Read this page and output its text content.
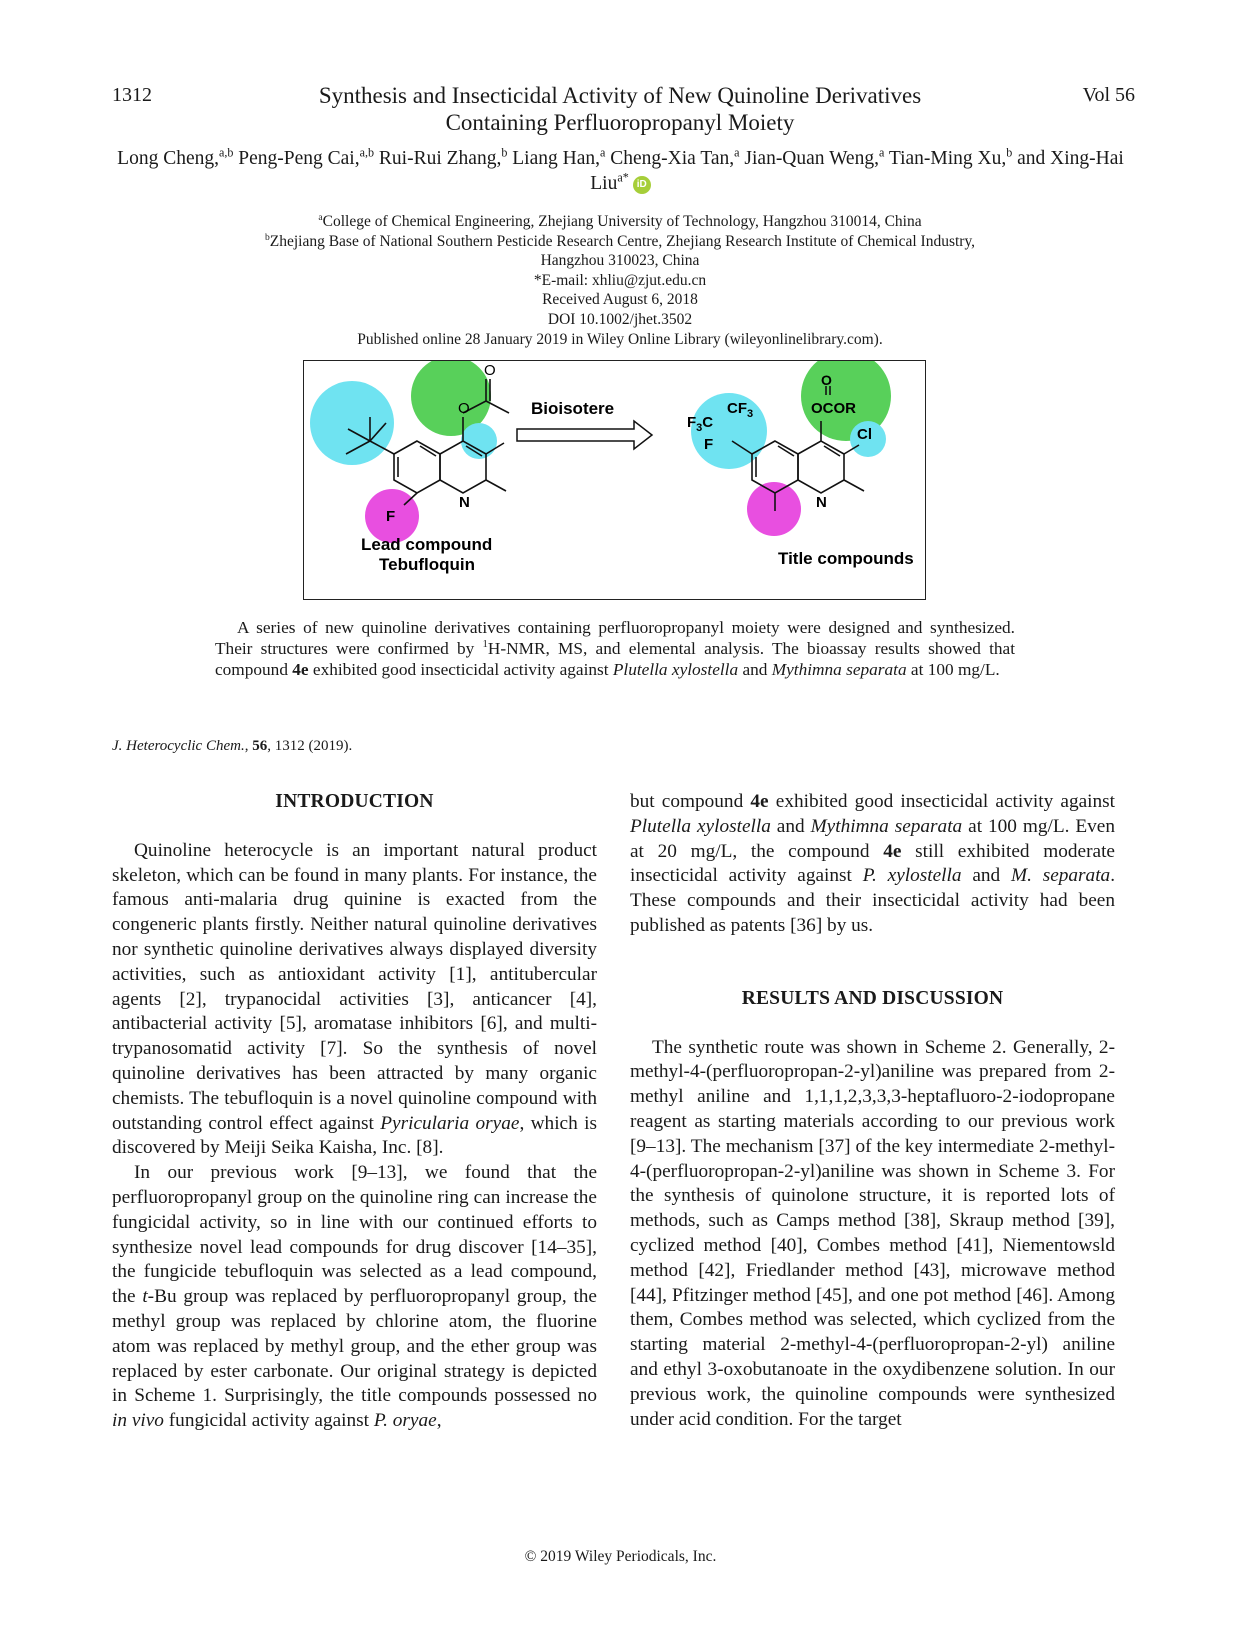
1312	Vol 56
Synthesis and Insecticidal Activity of New Quinoline Derivatives
Containing Perfluoropropanyl Moiety
Long Cheng,$^{a,b}$ Peng-Peng Cai,$^{a,b}$ Rui-Rui Zhang,$^b$ Liang Han,$^a$ Cheng-Xia Tan,$^a$ Jian-Quan Weng,$^a$ Tian-Ming Xu,$^b$ and Xing-Hai Liu$^{a*}$ iD
$^a$College of Chemical Engineering, Zhejiang University of Technology, Hangzhou 310014, China
$^b$Zhejiang Base of National Southern Pesticide Research Centre, Zhejiang Research Institute of Chemical Industry,
Hangzhou 310023, China
*E-mail: xhliu@zjut.edu.cn
Received August 6, 2018
DOI 10.1002/jhet.3502
Published online 28 January 2019 in Wiley Online Library (wileyonlinelibrary.com).
O
O
N
F
Bioisotere
O
OCOR
$CF_3$
$F_3C$
F
Cl
N
Lead compound
Tebufloquin	Title compounds

A series of new quinoline derivatives containing perfluoropropanyl moiety were designed and synthesized. Their structures were confirmed by $^1$H-NMR, MS, and elemental analysis. The bioassay results showed that compound 4e exhibited good insecticidal activity against Plutella xylostella and Mythimna separata at 100 mg/L.

J. Heterocyclic Chem., 56, 1312 (2019).
INTRODUCTION

Quinoline heterocycle is an important natural product skeleton, which can be found in many plants. For instance, the famous anti-malaria drug quinine is exacted from the congeneric plants firstly. Neither natural quinoline derivatives nor synthetic quinoline derivatives always displayed diversity activities, such as antioxidant activity [1], antitubercular agents [2], trypanocidal activities [3], anticancer [4], antibacterial activity [5], aromatase inhibitors [6], and multi-trypanosomatid activity [7]. So the synthesis of novel quinoline derivatives has been attracted by many organic chemists. The tebufloquin is a novel quinoline compound with outstanding control effect against Pyricularia oryae, which is discovered by Meiji Seika Kaisha, Inc. [8].

In our previous work [9–13], we found that the perfluoropropanyl group on the quinoline ring can increase the fungicidal activity, so in line with our continued efforts to synthesize novel lead compounds for drug discover [14–35], the fungicide tebufloquin was selected as a lead compound, the t-Bu group was replaced by perfluoropropanyl group, the methyl group was replaced by chlorine atom, the fluorine atom was replaced by methyl group, and the ether group was replaced by ester carbonate. Our original strategy is depicted in Scheme 1. Surprisingly, the title compounds possessed no in vivo fungicidal activity against P. oryae,

but compound 4e exhibited good insecticidal activity against Plutella xylostella and Mythimna separata at 100 mg/L. Even at 20 mg/L, the compound 4e still exhibited moderate insecticidal activity against P. xylostella and M. separata. These compounds and their insecticidal activity had been published as patents [36] by us.

RESULTS AND DISCUSSION

The synthetic route was shown in Scheme 2. Generally, 2-methyl-4-(perfluoropropan-2-yl)aniline was prepared from 2-methyl aniline and 1,1,1,2,3,3,3-heptafluoro-2-iodopropane reagent as starting materials according to our previous work [9–13]. The mechanism [37] of the key intermediate 2-methyl-4-(perfluoropropan-2-yl)aniline was shown in Scheme 3. For the synthesis of quinolone structure, it is reported lots of methods, such as Camps method [38], Skraup method [39], cyclized method [40], Combes method [41], Niementowsld method [42], Friedlander method [43], microwave method [44], Pfitzinger method [45], and one pot method [46]. Among them, Combes method was selected, which cyclized from the starting material 2-methyl-4-(perfluoropropan-2-yl) aniline and ethyl 3-oxobutanoate in the oxydibenzene solution. In our previous work, the quinoline compounds were synthesized under acid condition. For the target

© 2019 Wiley Periodicals, Inc.
